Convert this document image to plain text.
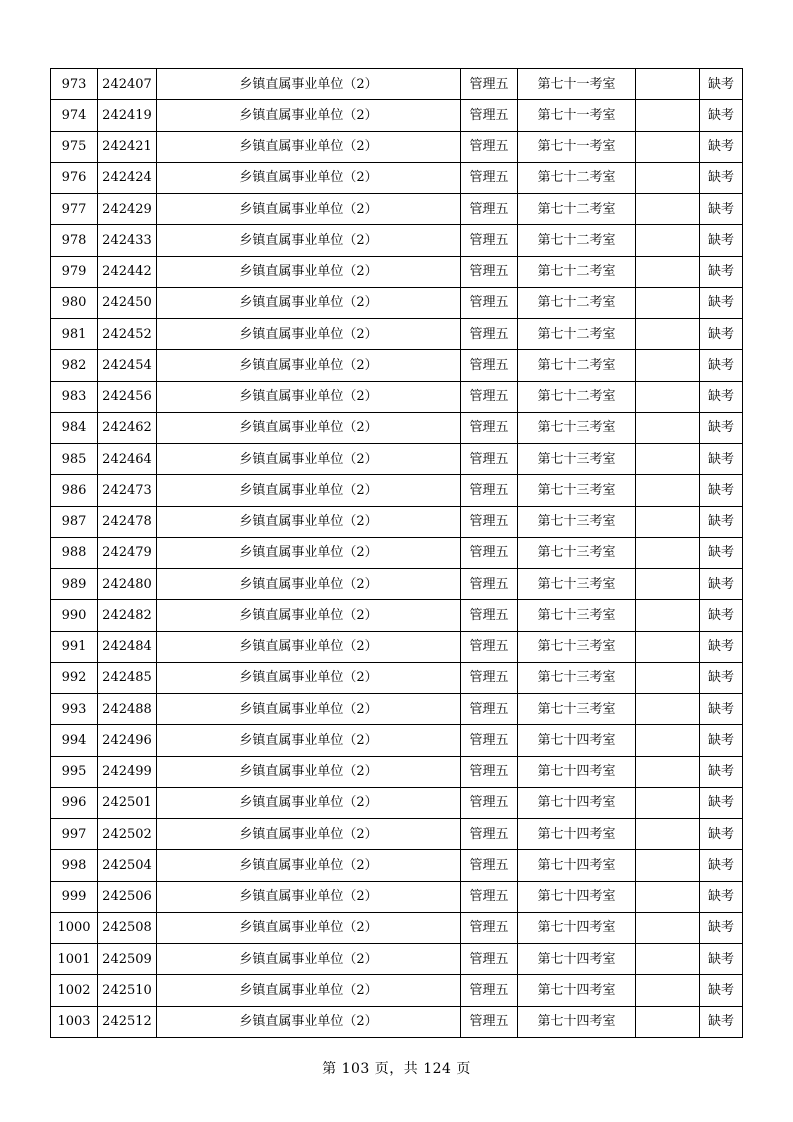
973	242407	乡镇直属事业单位（2）	管理五	第七十一考室		缺考
974	242419	乡镇直属事业单位（2）	管理五	第七十一考室		缺考
975	242421	乡镇直属事业单位（2）	管理五	第七十一考室		缺考
976	242424	乡镇直属事业单位（2）	管理五	第七十二考室		缺考
977	242429	乡镇直属事业单位（2）	管理五	第七十二考室		缺考
978	242433	乡镇直属事业单位（2）	管理五	第七十二考室		缺考
979	242442	乡镇直属事业单位（2）	管理五	第七十二考室		缺考
980	242450	乡镇直属事业单位（2）	管理五	第七十二考室		缺考
981	242452	乡镇直属事业单位（2）	管理五	第七十二考室		缺考
982	242454	乡镇直属事业单位（2）	管理五	第七十二考室		缺考
983	242456	乡镇直属事业单位（2）	管理五	第七十二考室		缺考
984	242462	乡镇直属事业单位（2）	管理五	第七十三考室		缺考
985	242464	乡镇直属事业单位（2）	管理五	第七十三考室		缺考
986	242473	乡镇直属事业单位（2）	管理五	第七十三考室		缺考
987	242478	乡镇直属事业单位（2）	管理五	第七十三考室		缺考
988	242479	乡镇直属事业单位（2）	管理五	第七十三考室		缺考
989	242480	乡镇直属事业单位（2）	管理五	第七十三考室		缺考
990	242482	乡镇直属事业单位（2）	管理五	第七十三考室		缺考
991	242484	乡镇直属事业单位（2）	管理五	第七十三考室		缺考
992	242485	乡镇直属事业单位（2）	管理五	第七十三考室		缺考
993	242488	乡镇直属事业单位（2）	管理五	第七十三考室		缺考
994	242496	乡镇直属事业单位（2）	管理五	第七十四考室		缺考
995	242499	乡镇直属事业单位（2）	管理五	第七十四考室		缺考
996	242501	乡镇直属事业单位（2）	管理五	第七十四考室		缺考
997	242502	乡镇直属事业单位（2）	管理五	第七十四考室		缺考
998	242504	乡镇直属事业单位（2）	管理五	第七十四考室		缺考
999	242506	乡镇直属事业单位（2）	管理五	第七十四考室		缺考
1000	242508	乡镇直属事业单位（2）	管理五	第七十四考室		缺考
1001	242509	乡镇直属事业单位（2）	管理五	第七十四考室		缺考
1002	242510	乡镇直属事业单位（2）	管理五	第七十四考室		缺考
1003	242512	乡镇直属事业单位（2）	管理五	第七十四考室		缺考
第 103 页，共 124 页
